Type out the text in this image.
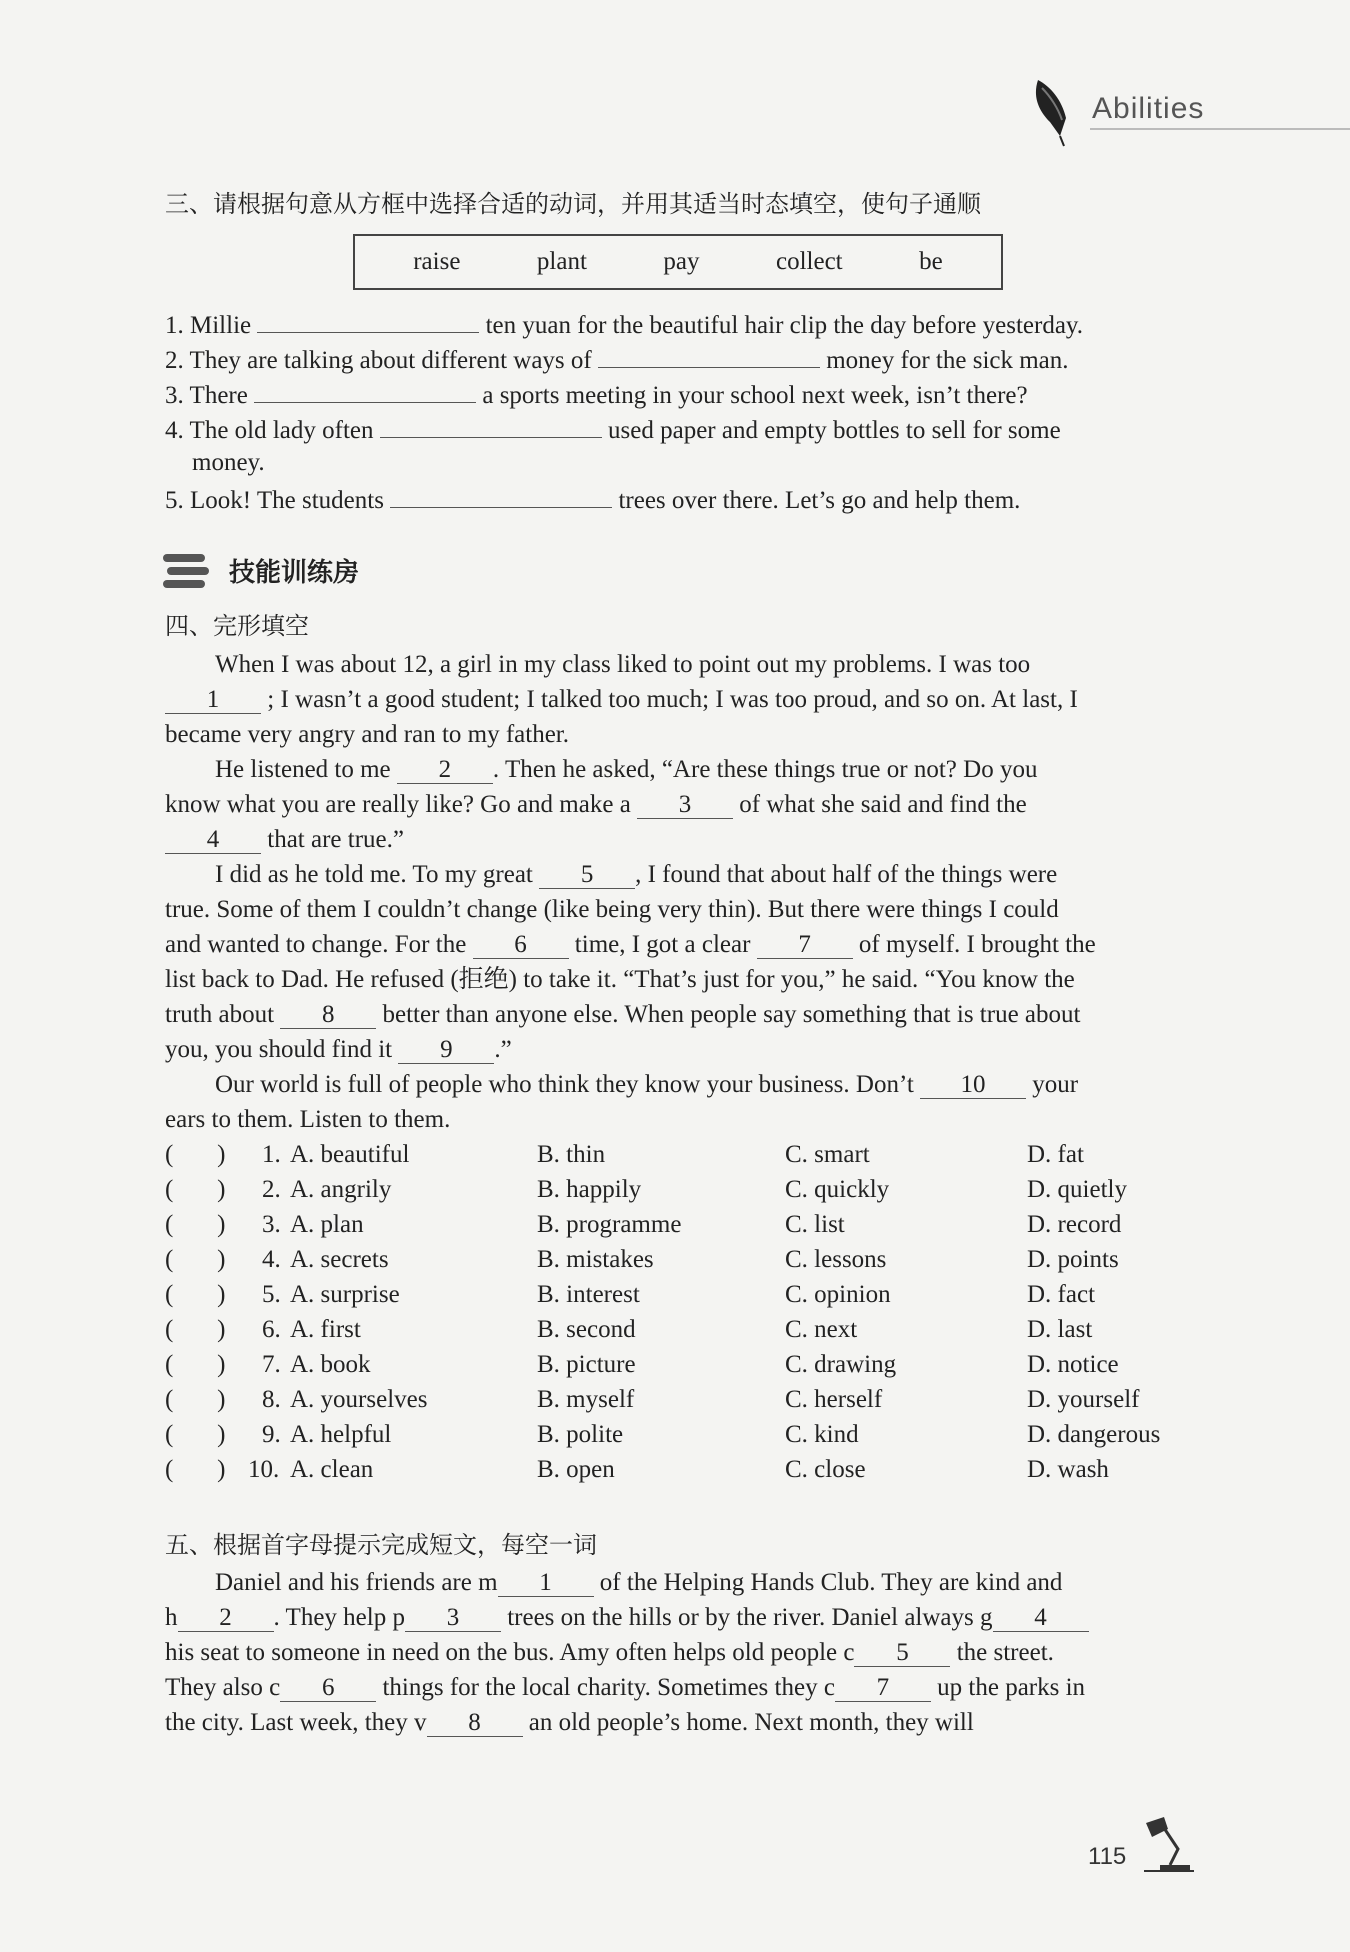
Abilities
三、请根据句意从方框中选择合适的动词，并用其适当时态填空，使句子通顺
raise	plant	pay	collect	be
1. Millie	ten yuan for the beautiful hair clip the day before yesterday.
2. They are talking about different ways of	money for the sick man.
3. There	a sports meeting in your school next week, isn’t there?
4. The old lady often	used paper and empty bottles to sell for some
money.
5. Look! The students	trees over there. Let’s go and help them.
技能训练房
四、完形填空
When I was about 12, a girl in my class liked to point out my problems. I was too
1 ; I wasn’t a good student; I talked too much; I was too proud, and so on. At last, I
became very angry and ran to my father.
He listened to me 2 . Then he asked, “Are these things true or not? Do you
know what you are really like? Go and make a 3 of what she said and find the
4 that are true.”
I did as he told me. To my great 5 , I found that about half of the things were
true. Some of them I couldn’t change (like being very thin). But there were things I could
and wanted to change. For the 6 time, I got a clear 7 of myself. I brought the
list back to Dad. He refused (拒绝) to take it. “That’s just for you,” he said. “You know the
truth about 8 better than anyone else. When people say something that is true about
you, you should find it 9 .”
Our world is full of people who think they know your business. Don’t 10 your
ears to them. Listen to them.
(       ) 1. A. beautiful	B. thin	C. smart	D. fat
(       ) 2. A. angrily	B. happily	C. quickly	D. quietly
(       ) 3. A. plan	B. programme	C. list	D. record
(       ) 4. A. secrets	B. mistakes	C. lessons	D. points
(       ) 5. A. surprise	B. interest	C. opinion	D. fact
(       ) 6. A. first	B. second	C. next	D. last
(       ) 7. A. book	B. picture	C. drawing	D. notice
(       ) 8. A. yourselves	B. myself	C. herself	D. yourself
(       ) 9. A. helpful	B. polite	C. kind	D. dangerous
(       ) 10. A. clean	B. open	C. close	D. wash
五、根据首字母提示完成短文，每空一词
Daniel and his friends are m 1 of the Helping Hands Club. They are kind and
h 2 . They help p 3 trees on the hills or by the river. Daniel always g 4
his seat to someone in need on the bus. Amy often helps old people c 5 the street.
They also c 6 things for the local charity. Sometimes they c 7 up the parks in
the city. Last week, they v 8 an old people’s home. Next month, they will
115
